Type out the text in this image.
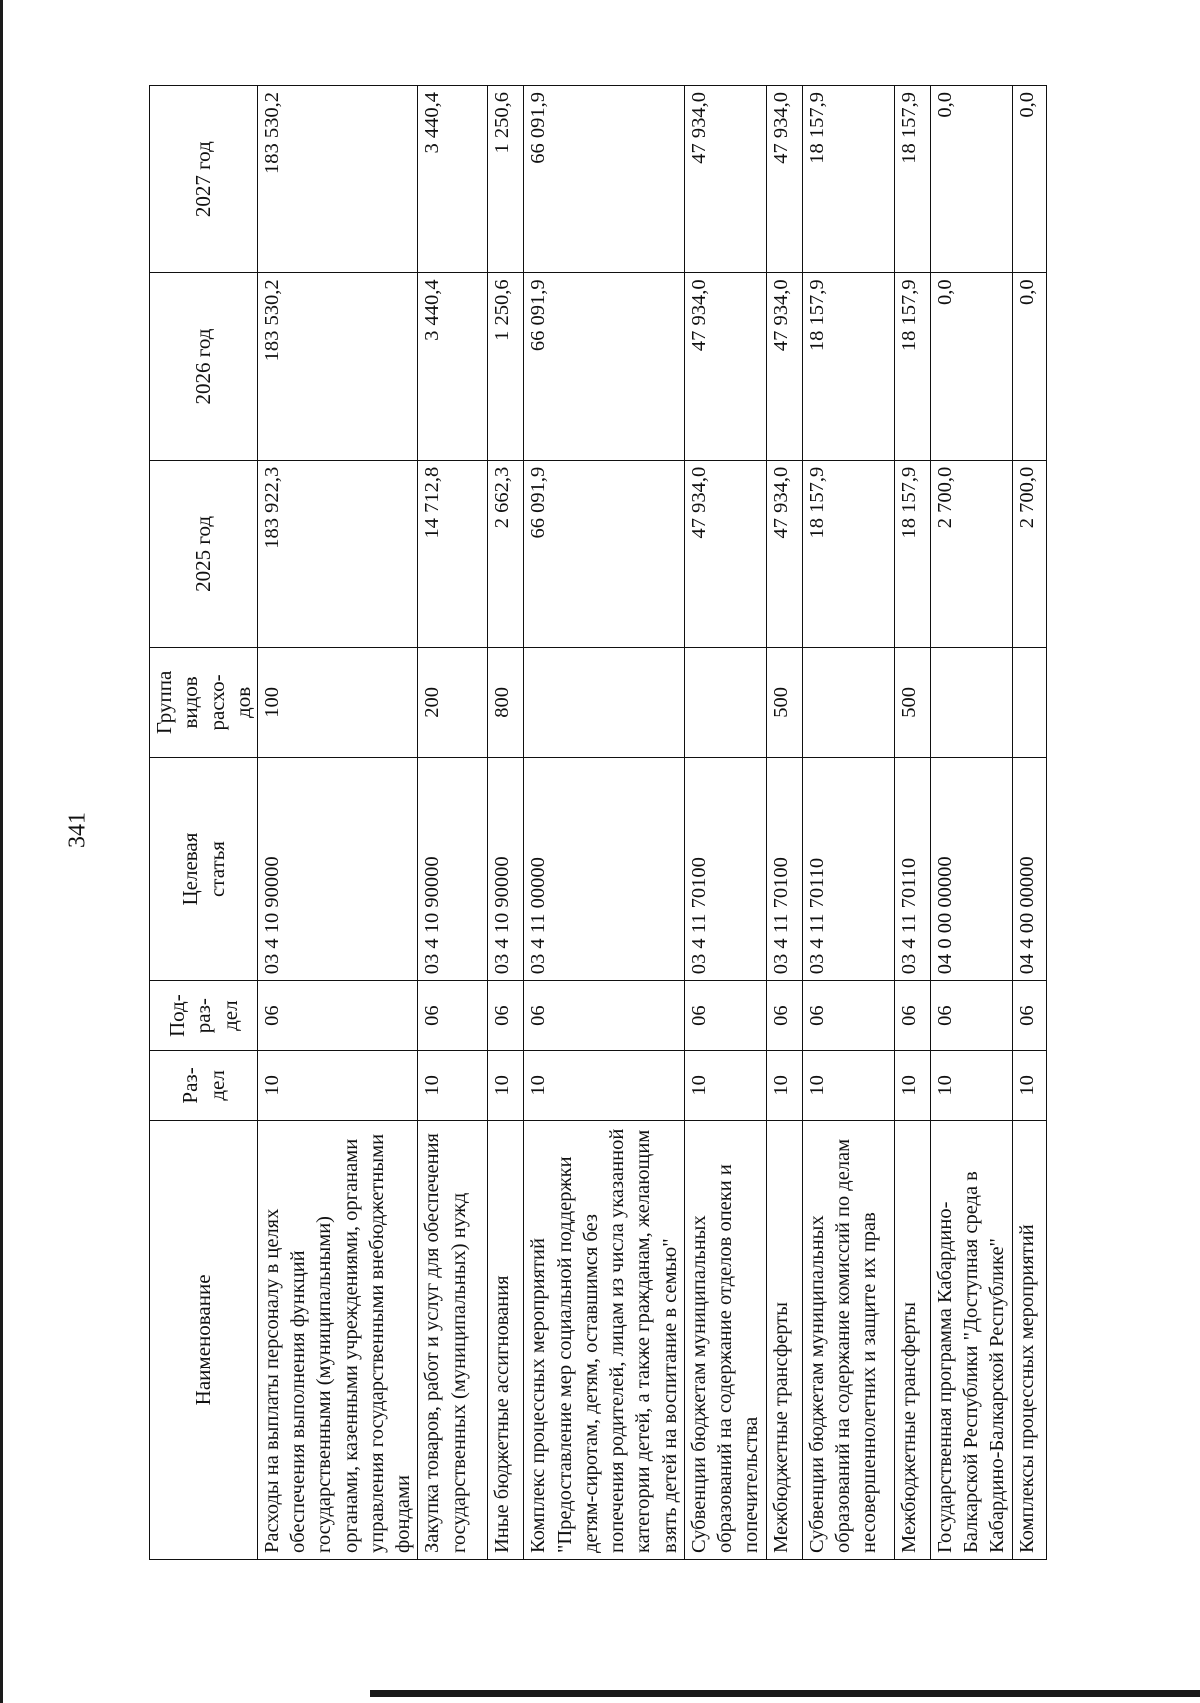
341
Наименование	Раз- дел	Под- раз- дел	Целевая статья	Группа видов расхо- дов	2025 год	2026 год	2027 год
Расходы на выплаты персоналу в целях обеспечения выполнения функций государственными (муниципальными) органами, казенными учреждениями, органами управления государственными внебюджетными фондами	10	06	03 4 10 90000	100	183 922,3	183 530,2	183 530,2
Закупка товаров, работ и услуг для обеспечения государственных (муниципальных) нужд	10	06	03 4 10 90000	200	14 712,8	3 440,4	3 440,4
Иные бюджетные ассигнования	10	06	03 4 10 90000	800	2 662,3	1 250,6	1 250,6
Комплекс процессных мероприятий "Предоставление мер социальной поддержки детям-сиротам, детям, оставшимся без попечения родителей, лицам из числа указанной категории детей, а также гражданам, желающим взять детей на воспитание в семью"	10	06	03 4 11 00000		66 091,9	66 091,9	66 091,9
Субвенции бюджетам муниципальных образований на содержание отделов опеки и попечительства	10	06	03 4 11 70100		47 934,0	47 934,0	47 934,0
Межбюджетные трансферты	10	06	03 4 11 70100	500	47 934,0	47 934,0	47 934,0
Субвенции бюджетам муниципальных образований на содержание комиссий по делам несовершеннолетних и защите их прав	10	06	03 4 11 70110		18 157,9	18 157,9	18 157,9
Межбюджетные трансферты	10	06	03 4 11 70110	500	18 157,9	18 157,9	18 157,9
Государственная программа Кабардино-Балкарской Республики "Доступная среда в Кабардино-Балкарской Республике"	10	06	04 0 00 00000		2 700,0	0,0	0,0
Комплексы процессных мероприятий	10	06	04 4 00 00000		2 700,0	0,0	0,0
